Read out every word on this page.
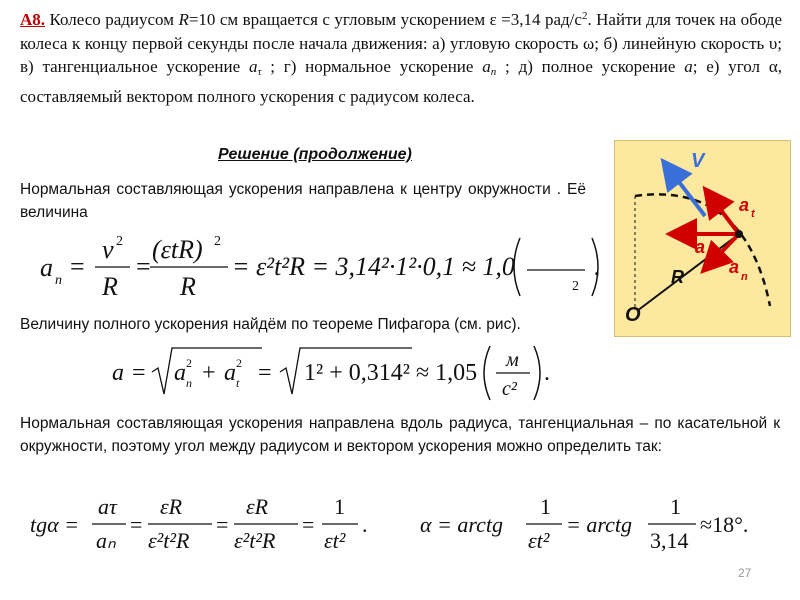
А8. Колесо радиусом R=10 см вращается с угловым ускорением ε =3,14 рад/$с^2$. Найти для точек на ободе колеса к концу первой секунды после начала движения: а) угловую скорость ω; б) линейную скорость υ; в) тангенциальное ускорение $a_\tau$ ; г) нормальное ускорение $a_n$ ; д) полное ускорение a; е) угол α, составляемый вектором полного ускорения с радиусом колеса.
Решение (продолжение)
Нормальная составляющая ускорения направлена к центру окружности . Её величина
a n =
v 2
R
=
(εtR) 2
R
= ε²t²R = 3,14²·1²·0,1 ≈ 1,0
2
.
Величину полного ускорения найдём по теореме Пифагора (см. рис).
a = a n
2 + a t
2 = 1² + 0,314² ≈ 1,05 м
с²
.
Нормальная составляющая ускорения направлена вдоль радиуса, тангенциальная – по касательной к окружности, поэтому угол между радиусом и вектором ускорения можно определить так:
tgα =
aτ
aₙ
=
εR
ε²t²R
=
εR
ε²t²R
=
1
εt²
. α = arctg
1
εt²
= arctg
1
3,14
≈18°.
V
a t
a
a n
R
O
27
